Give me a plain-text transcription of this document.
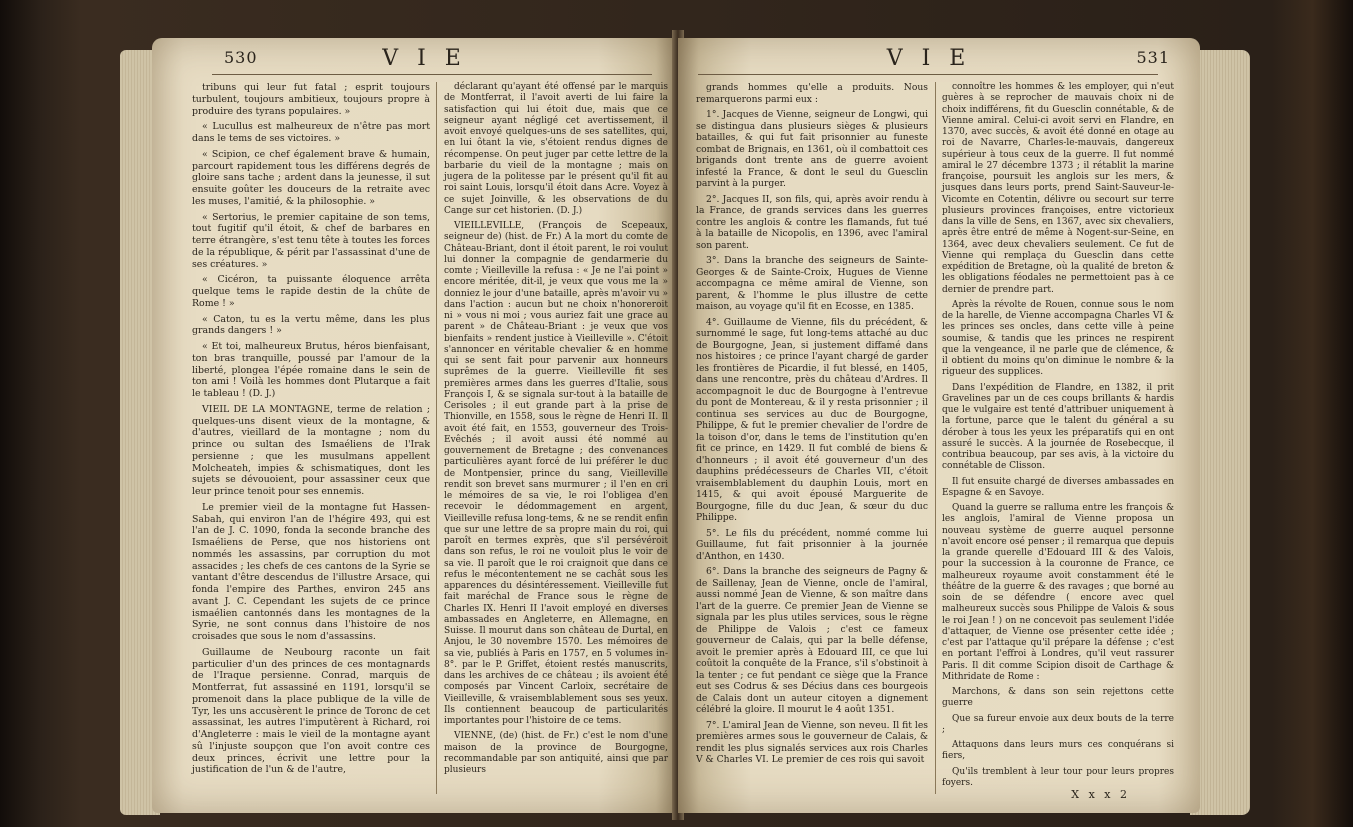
530	V I E

tribuns qui leur fut fatal ; esprit toujours turbulent, toujours ambitieux, toujours propre à produire des tyrans populaires. »

« Lucullus est malheureux de n'être pas mort dans le tems de ses victoires. »

« Scipion, ce chef également brave & humain, parcourt rapidement tous les différens degrés de gloire sans tache ; ardent dans la jeunesse, il sut ensuite goûter les douceurs de la retraite avec les muses, l'amitié, & la philosophie. »

« Sertorius, le premier capitaine de son tems, tout fugitif qu'il étoit, & chef de barbares en terre étrangère, s'est tenu tête à toutes les forces de la république, & périt par l'assassinat d'une de ses créatures. »

« Cicéron, ta puissante éloquence arrêta quelque tems le rapide destin de la chûte de Rome ! »

« Caton, tu es la vertu même, dans les plus grands dangers ! »

« Et toi, malheureux Brutus, héros bienfaisant, ton bras tranquille, poussé par l'amour de la liberté, plongea l'épée romaine dans le sein de ton ami ! Voilà les hommes dont Plutarque a fait le tableau ! (D. J.)

VIEIL DE LA MONTAGNE, terme de relation ; quelques-uns disent vieux de la montagne, & d'autres, vieillard de la montagne ; nom du prince ou sultan des Ismaéliens de l'Irak persienne ; que les musulmans appellent Molcheateh, impies & schismatiques, dont les sujets se dévouoient, pour assassiner ceux que leur prince tenoit pour ses ennemis.

Le premier vieil de la montagne fut Hassen-Sabah, qui environ l'an de l'hégire 493, qui est l'an de J. C. 1090, fonda la seconde branche des Ismaéliens de Perse, que nos historiens ont nommés les assassins, par corruption du mot assacides ; les chefs de ces cantons de la Syrie se vantant d'être descendus de l'illustre Arsace, qui fonda l'empire des Parthes, environ 245 ans avant J. C. Cependant les sujets de ce prince ismaélien cantonnés dans les montagnes de la Syrie, ne sont connus dans l'histoire de nos croisades que sous le nom d'assassins.

Guillaume de Neubourg raconte un fait particulier d'un des princes de ces montagnards de l'Iraque persienne. Conrad, marquis de Montferrat, fut assassiné en 1191, lorsqu'il se promenoit dans la place publique de la ville de Tyr, les uns accusèrent le prince de Toronc de cet assassinat, les autres l'imputèrent à Richard, roi d'Angleterre : mais le vieil de la montagne ayant sû l'injuste soupçon que l'on avoit contre ces deux princes, écrivit une lettre pour la justification de l'un & de l'autre,

déclarant qu'ayant été offensé par le marquis de Montferrat, il l'avoit averti de lui faire la satisfaction qui lui étoit due, mais que ce seigneur ayant négligé cet avertissement, il avoit envoyé quelques-uns de ses satellites, qui, en lui ôtant la vie, s'étoient rendus dignes de récompense. On peut juger par cette lettre de la barbarie du vieil de la montagne ; mais on jugera de la politesse par le présent qu'il fit au roi saint Louis, lorsqu'il étoit dans Acre. Voyez à ce sujet Joinville, & les observations de du Cange sur cet historien. (D. J.)

VIEILLEVILLE, (François de Scepeaux, seigneur de) (hist. de Fr.) A la mort du comte de Château-Briant, dont il étoit parent, le roi voulut lui donner la compagnie de gendarmerie du comte ; Vieilleville la refusa : « Je ne l'ai point » encore méritée, dit-il, je veux que vous me la » donniez le jour d'une bataille, après m'avoir vu » dans l'action : aucun but ne choix n'honoreroit ni » vous ni moi ; vous auriez fait une grace au parent » de Château-Briant : je veux que vos bienfaits » rendent justice à Vieilleville ». C'étoit s'annoncer en véritable chevalier & en homme qui se sent fait pour parvenir aux honneurs suprêmes de la guerre. Vieilleville fit ses premières armes dans les guerres d'Italie, sous François I, & se signala sur-tout à la bataille de Cerisoles ; il eut grande part à la prise de Thionville, en 1558, sous le règne de Henri II. Il avoit été fait, en 1553, gouverneur des Trois-Evêchés ; il avoit aussi été nommé au gouvernement de Bretagne ; des convenances particulières ayant forcé de lui préférer le duc de Montpensier, prince du sang, Vieilleville rendit son brevet sans murmurer ; il l'en en cri le mémoires de sa vie, le roi l'obligea d'en recevoir le dédommagement en argent, Vieilleville refusa long-tems, & ne se rendit enfin que sur une lettre de sa propre main du roi, qui paroît en termes exprès, que s'il persévéroit dans son refus, le roi ne vouloit plus le voir de sa vie. Il paroît que le roi craignoit que dans ce refus le mécontentement ne se cachât sous les apparences du désintéressement. Vieilleville fut fait maréchal de France sous le règne de Charles IX. Henri II l'avoit employé en diverses ambassades en Angleterre, en Allemagne, en Suisse. Il mourut dans son château de Durtal, en Anjou, le 30 novembre 1570. Les mémoires de sa vie, publiés à Paris en 1757, en 5 volumes in-8°. par le P. Griffet, étoient restés manuscrits, dans les archives de ce château ; ils avoient été composés par Vincent Carloix, secrétaire de Vieilleville, & vraisemblablement sous ses yeux. Ils contiennent beaucoup de particularités importantes pour l'histoire de ce tems.

VIENNE, (de) (hist. de Fr.) c'est le nom d'une maison de la province de Bourgogne, recommandable par son antiquité, ainsi que par plusieurs

V I E	531

grands hommes qu'elle a produits. Nous remarquerons parmi eux :

1°. Jacques de Vienne, seigneur de Longwi, qui se distingua dans plusieurs sièges & plusieurs batailles, & qui fut fait prisonnier au funeste combat de Brignais, en 1361, où il combattoit ces brigands dont trente ans de guerre avoient infesté la France, & dont le seul du Guesclin parvint à la purger.

2°. Jacques II, son fils, qui, après avoir rendu à la France, de grands services dans les guerres contre les anglois & contre les flamands, fut tué à la bataille de Nicopolis, en 1396, avec l'amiral son parent.

3°. Dans la branche des seigneurs de Sainte-Georges & de Sainte-Croix, Hugues de Vienne accompagna ce même amiral de Vienne, son parent, & l'homme le plus illustre de cette maison, au voyage qu'il fit en Ecosse, en 1385.

4°. Guillaume de Vienne, fils du précédent, & surnommé le sage, fut long-tems attaché au duc de Bourgogne, Jean, si justement diffamé dans nos histoires ; ce prince l'ayant chargé de garder les frontières de Picardie, il fut blessé, en 1405, dans une rencontre, près du château d'Ardres. Il accompagnoit le duc de Bourgogne à l'entrevue du pont de Montereau, & il y resta prisonnier ; il continua ses services au duc de Bourgogne, Philippe, & fut le premier chevalier de l'ordre de la toison d'or, dans le tems de l'institution qu'en fit ce prince, en 1429. Il fut comblé de biens & d'honneurs ; il avoit été gouverneur d'un des dauphins prédécesseurs de Charles VII, c'étoit vraisemblablement du dauphin Louis, mort en 1415, & qui avoit épousé Marguerite de Bourgogne, fille du duc Jean, & sœur du duc Philippe.

5°. Le fils du précédent, nommé comme lui Guillaume, fut fait prisonnier à la journée d'Anthon, en 1430.

6°. Dans la branche des seigneurs de Pagny & de Saillenay, Jean de Vienne, oncle de l'amiral, aussi nommé Jean de Vienne, & son maître dans l'art de la guerre. Ce premier Jean de Vienne se signala par les plus utiles services, sous le règne de Philippe de Valois ; c'est ce fameux gouverneur de Calais, qui par la belle défense, avoit le premier après à Edouard III, ce que lui coûtoit la conquête de la France, s'il s'obstinoit à la tenter ; ce fut pendant ce siège que la France eut ses Codrus & ses Décius dans ces bourgeois de Calais dont un auteur citoyen a dignement célébré la gloire. Il mourut le 4 août 1351.

7°. L'amiral Jean de Vienne, son neveu. Il fit les premières armes sous le gouverneur de Calais, & rendit les plus signalés services aux rois Charles V & Charles VI. Le premier de ces rois qui savoit

connoître les hommes & les employer, qui n'eut guères à se reprocher de mauvais choix ni de choix indifférens, fit du Guesclin connétable, & de Vienne amiral. Celui-ci avoit servi en Flandre, en 1370, avec succès, & avoit été donné en otage au roi de Navarre, Charles-le-mauvais, dangereux supérieur à tous ceux de la guerre. Il fut nommé amiral le 27 décembre 1373 ; il rétablit la marine françoise, poursuit les anglois sur les mers, & jusques dans leurs ports, prend Saint-Sauveur-le-Vicomte en Cotentin, délivre ou secourt sur terre plusieurs provinces françoises, entre victorieux dans la ville de Sens, en 1367, avec six chevaliers, après être entré de même à Nogent-sur-Seine, en 1364, avec deux chevaliers seulement. Ce fut de Vienne qui remplaça du Guesclin dans cette expédition de Bretagne, où la qualité de breton & les obligations féodales ne permettoient pas à ce dernier de prendre part.

Après la révolte de Rouen, connue sous le nom de la harelle, de Vienne accompagna Charles VI & les princes ses oncles, dans cette ville à peine soumise, & tandis que les princes ne respirent que la vengeance, il ne parle que de clémence, & il obtient du moins qu'on diminue le nombre & la rigueur des supplices.

Dans l'expédition de Flandre, en 1382, il prit Gravelines par un de ces coups brillants & hardis que le vulgaire est tenté d'attribuer uniquement à la fortune, parce que le talent du général a su dérober à tous les yeux les préparatifs qui en ont assuré le succès. A la journée de Rosebecque, il contribua beaucoup, par ses avis, à la victoire du connétable de Clisson.

Il fut ensuite chargé de diverses ambassades en Espagne & en Savoye.

Quand la guerre se ralluma entre les françois & les anglois, l'amiral de Vienne proposa un nouveau système de guerre auquel personne n'avoit encore osé penser ; il remarqua que depuis la grande querelle d'Edouard III & des Valois, pour la succession à la couronne de France, ce malheureux royaume avoit constamment été le théâtre de la guerre & des ravages ; que borné au soin de se défendre ( encore avec quel malheureux succès sous Philippe de Valois & sous le roi Jean ! ) on ne concevoit pas seulement l'idée d'attaquer, de Vienne ose présenter cette idée ; c'est par l'attaque qu'il prépare la défense ; c'est en portant l'effroi à Londres, qu'il veut rassurer Paris. Il dit comme Scipion disoit de Carthage & Mithridate de Rome :

Marchons, & dans son sein rejettons cette guerre

Que sa fureur envoie aux deux bouts de la terre ;

Attaquons dans leurs murs ces conquérans si fiers,

Qu'ils tremblent à leur tour pour leurs propres foyers.

X x x 2
